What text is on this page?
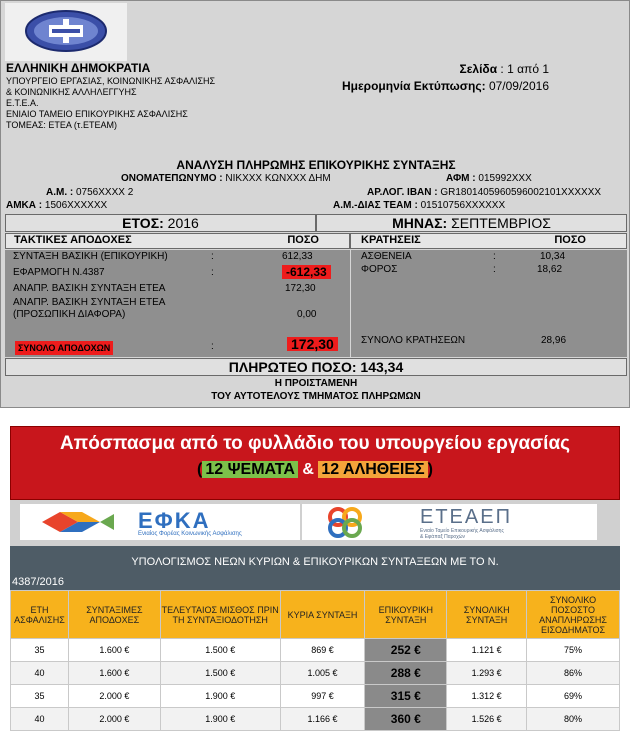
ΕΛΛΗΝΙΚΗ ΔΗΜΟΚΡΑΤΙΑ
ΥΠΟΥΡΓΕΙΟ ΕΡΓΑΣΙΑΣ, ΚΟΙΝΩΝΙΚΗΣ ΑΣΦΑΛΙΣΗΣ
& ΚΟΙΝΩΝΙΚΗΣ ΑΛΛΗΛΕΓΓΥΗΣ
Ε.Τ.Ε.Α.
ΕΝΙΑΙΟ ΤΑΜΕΙΟ ΕΠΙΚΟΥΡΙΚΗΣ ΑΣΦΑΛΙΣΗΣ
ΤΟΜΕΑΣ: ΕΤΕΑ (τ.ΕΤΕΑΜ)
Σελίδα : 1 από 1
Ημερομηνία Εκτύπωσης: 07/09/2016
ΑΝΑΛΥΣΗ ΠΛΗΡΩΜΗΣ ΕΠΙΚΟΥΡΙΚΗΣ ΣΥΝΤΑΞΗΣ
ΟΝΟΜΑΤΕΠΩΝΥΜΟ : ΝΙΚΧΧΧ ΚΩΝΧΧΧ ΔΗΜ	ΑΦΜ : 015992ΧΧΧ
Α.Μ. : 0756ΧΧΧΧ 2	ΑΡ.ΛΟΓ. IBAN : GR1801405960596002101XXXXXX
ΑΜΚΑ : 1506XXXXXX	Α.Μ.-ΔΙΑΣ TEAM : 01510756XXXXXX
ΕΤΟΣ: 2016	ΜΗΝΑΣ: ΣΕΠΤΕΜΒΡΙΟΣ
ΤΑΚΤΙΚΕΣ ΑΠΟΔΟΧΕΣ	ΠΟΣΟ	ΚΡΑΤΗΣΕΙΣ	ΠΟΣΟ
ΣΥΝΤΑΞΗ ΒΑΣΙΚΗ (ΕΠΙΚΟΥΡΙΚΗ)	:	612,33
ΕΦΑΡΜΟΓΗ Ν.4387	:	-612,33
ΑΝΑΠΡ. ΒΑΣΙΚΗ ΣΥΝΤΑΞΗ ΕΤΕΑ	172,30
ΑΝΑΠΡ. ΒΑΣΙΚΗ ΣΥΝΤΑΞΗ ΕΤΕΑ
(ΠΡΟΣΩΠΙΚΗ ΔΙΑΦΟΡΑ)	0,00
ΣΥΝΟΛΟ ΑΠΟΔΟΧΩΝ	:	172,30
ΑΣΘΕΝΕΙΑ	:	10,34
ΦΟΡΟΣ	:	18,62
ΣΥΝΟΛΟ ΚΡΑΤΗΣΕΩΝ	28,96
ΠΛΗΡΩΤΕΟ ΠΟΣΟ: 143,34
Η ΠΡΟΙΣΤΑΜΕΝΗ
ΤΟΥ ΑΥΤΟΤΕΛΟΥΣ ΤΜΗΜΑΤΟΣ ΠΛΗΡΩΜΩΝ
Απόσπασμα από το φυλλάδιο του υπουργείου εργασίας
( 12 ΨΕΜΑΤΑ & 12 ΑΛΗΘΕΙΕΣ )
ΕΦΚΑ
Ενιαίος Φορέας Κοινωνικής Ασφάλισης
ΕΤΕΑΕΠ
Ενιαίο Ταμείο Επικουρικής Ασφάλισης
& Εφάπαξ Παροχών
ΥΠΟΛΟΓΙΣΜΟΣ ΝΕΩΝ ΚΥΡΙΩΝ & ΕΠΙΚΟΥΡΙΚΩΝ ΣΥΝΤΑΞΕΩΝ ΜΕ ΤΟ Ν.
4387/2016
ΕΤΗ ΑΣΦΑΛΙΣΗΣ	ΣΥΝΤΑΞΙΜΕΣ ΑΠΟΔΟΧΕΣ	ΤΕΛΕΥΤΑΙΟΣ ΜΙΣΘΟΣ ΠΡΙΝ ΤΗ ΣΥΝΤΑΞΙΟΔΟΤΗΣΗ	ΚΥΡΙΑ ΣΥΝΤΑΞΗ	ΕΠΙΚΟΥΡΙΚΗ ΣΥΝΤΑΞΗ	ΣΥΝΟΛΙΚΗ ΣΥΝΤΑΞΗ	ΣΥΝΟΛΙΚΟ ΠΟΣΟΣΤΟ ΑΝΑΠΛΗΡΩΣΗΣ ΕΙΣΟΔΗΜΑΤΟΣ
35	1.600 €	1.500 €	869 €	252 €	1.121 €	75%
40	1.600 €	1.500 €	1.005 €	288 €	1.293 €	86%
35	2.000 €	1.900 €	997 €	315 €	1.312 €	69%
40	2.000 €	1.900 €	1.166 €	360 €	1.526 €	80%
